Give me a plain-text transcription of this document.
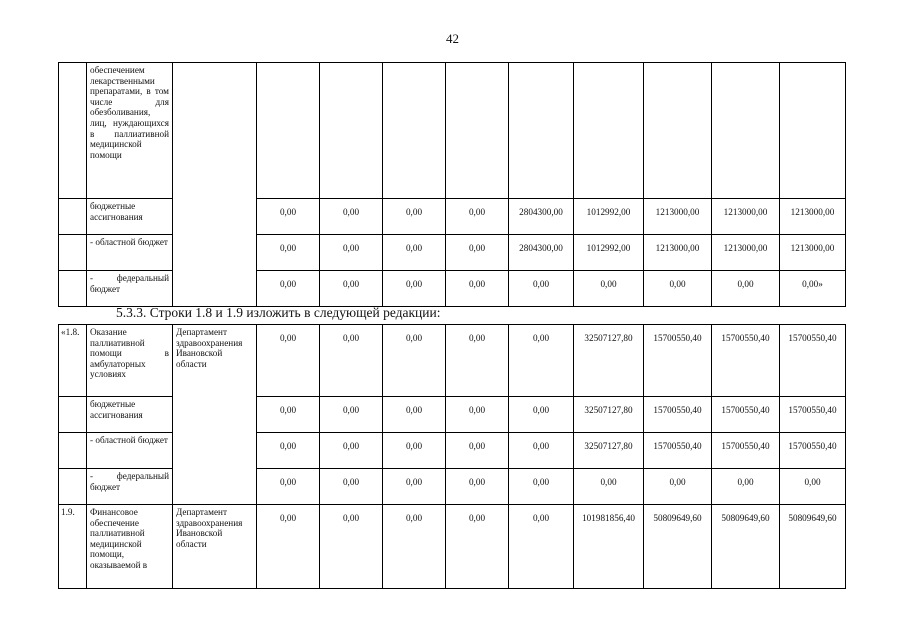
42
	обеспечением лекарственными препаратами, в том числе для обезболивания, лиц, нуждающихся в паллиативной медицинской помощи										
	бюджетные ассигнования		0,00	0,00	0,00	0,00	2804300,00	1012992,00	1213000,00	1213000,00	1213000,00
	- областной бюджет		0,00	0,00	0,00	0,00	2804300,00	1012992,00	1213000,00	1213000,00	1213000,00
	- федеральный бюджет		0,00	0,00	0,00	0,00	0,00	0,00	0,00	0,00	0,00»
5.3.3. Строки 1.8 и 1.9 изложить в следующей редакции:
«1.8.	Оказание паллиативной помощи в амбулаторных условиях	Департамент здравоохранения Ивановской области	0,00	0,00	0,00	0,00	0,00	32507127,80	15700550,40	15700550,40	15700550,40
	бюджетные ассигнования		0,00	0,00	0,00	0,00	0,00	32507127,80	15700550,40	15700550,40	15700550,40
	- областной бюджет		0,00	0,00	0,00	0,00	0,00	32507127,80	15700550,40	15700550,40	15700550,40
	- федеральный бюджет		0,00	0,00	0,00	0,00	0,00	0,00	0,00	0,00	0,00
1.9.	Финансовое обеспечение паллиативной медицинской помощи, оказываемой в	Департамент здравоохранения Ивановской области	0,00	0,00	0,00	0,00	0,00	101981856,40	50809649,60	50809649,60	50809649,60
